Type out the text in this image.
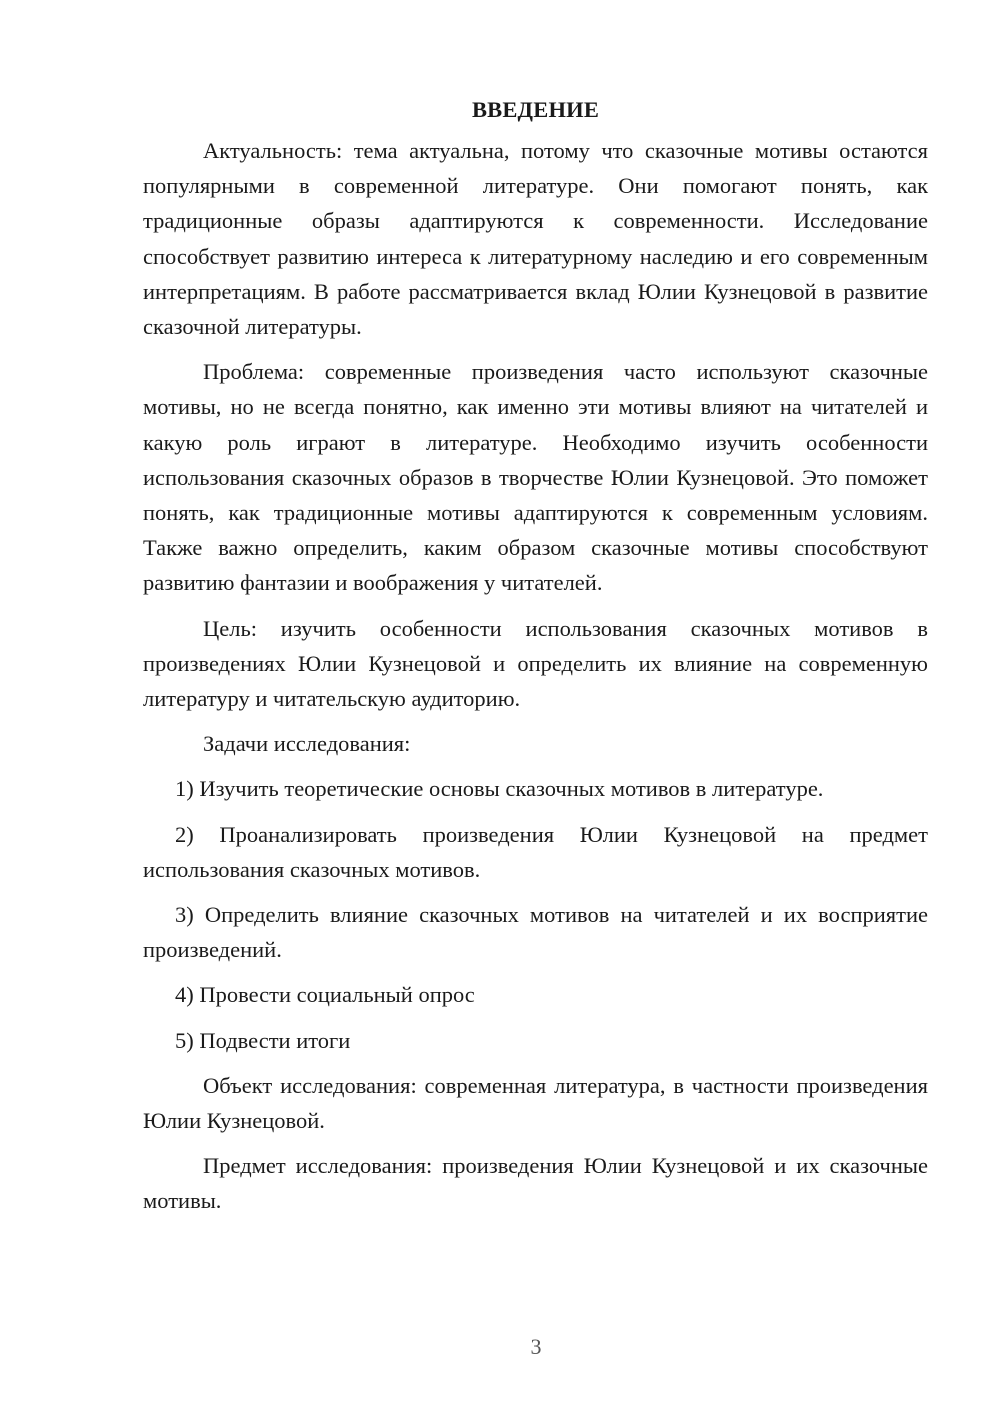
ВВЕДЕНИЕ

Актуальность: тема актуальна, потому что сказочные мотивы остаются популярными в современной литературе. Они помогают понять, как традиционные образы адаптируются к современности. Исследование способствует развитию интереса к литературному наследию и его современным интерпретациям. В работе рассматривается вклад Юлии Кузнецовой в развитие сказочной литературы.

Проблема: современные произведения часто используют сказочные мотивы, но не всегда понятно, как именно эти мотивы влияют на читателей и какую роль играют в литературе. Необходимо изучить особенности использования сказочных образов в творчестве Юлии Кузнецовой. Это поможет понять, как традиционные мотивы адаптируются к современным условиям. Также важно определить, каким образом сказочные мотивы способствуют развитию фантазии и воображения у читателей.

Цель: изучить особенности использования сказочных мотивов в произведениях Юлии Кузнецовой и определить их влияние на современную литературу и читательскую аудиторию.

Задачи исследования:

1) Изучить теоретические основы сказочных мотивов в литературе.

2) Проанализировать произведения Юлии Кузнецовой на предмет использования сказочных мотивов.

3) Определить влияние сказочных мотивов на читателей и их восприятие произведений.

4) Провести социальный опрос

5) Подвести итоги

Объект исследования: современная литература, в частности произведения Юлии Кузнецовой.

Предмет исследования: произведения Юлии Кузнецовой и их сказочные мотивы.

3
